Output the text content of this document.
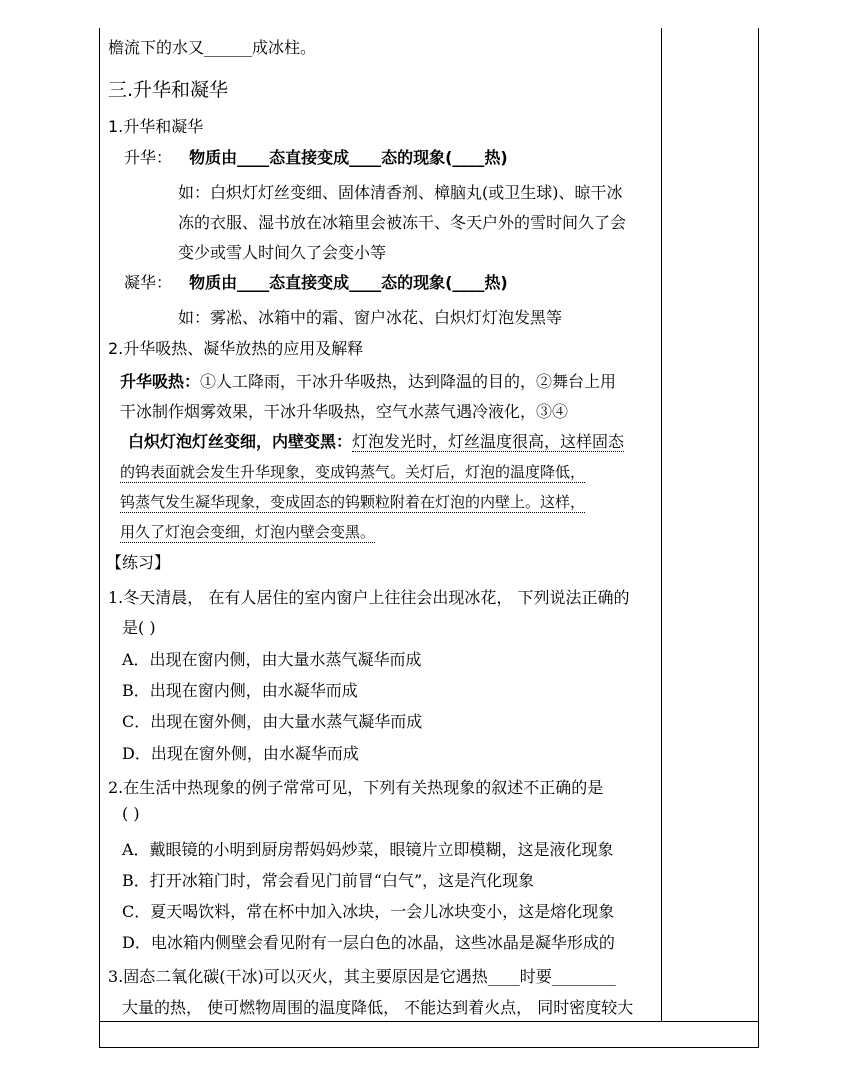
檐流下的水又______成冰柱。
三.升华和凝华
1.升华和凝华
升华： 物质由____态直接变成____态的现象(____热)
如：白炽灯灯丝变细、固体清香剂、樟脑丸(或卫生球)、晾干冰
冻的衣服、湿书放在冰箱里会被冻干、冬天户外的雪时间久了会
变少或雪人时间久了会变小等
凝华： 物质由____态直接变成____态的现象(____热)
如：雾凇、冰箱中的霜、窗户冰花、白炽灯灯泡发黑等
2.升华吸热、凝华放热的应用及解释
升华吸热：①人工降雨，干冰升华吸热，达到降温的目的，②舞台上用
干冰制作烟雾效果，干冰升华吸热，空气水蒸气遇冷液化，③④
白炽灯泡灯丝变细，内壁变黑：灯泡发光时，灯丝温度很高，这样固态
的钨表面就会发生升华现象，变成钨蒸气。关灯后，灯泡的温度降低，
钨蒸气发生凝华现象，变成固态的钨颗粒附着在灯泡的内壁上。这样，
用久了灯泡会变细，灯泡内壁会变黑。
【练习】
1.冬天清晨， 在有人居住的室内窗户上往往会出现冰花， 下列说法正确的
是( )
A．出现在窗内侧，由大量水蒸气凝华而成
B．出现在窗内侧，由水凝华而成
C．出现在窗外侧，由大量水蒸气凝华而成
D．出现在窗外侧，由水凝华而成
2.在生活中热现象的例子常常可见，下列有关热现象的叙述不正确的是
( )
A．戴眼镜的小明到厨房帮妈妈炒菜，眼镜片立即模糊，这是液化现象
B．打开冰箱门时，常会看见门前冒“白气”，这是汽化现象
C．夏天喝饮料，常在杯中加入冰块，一会儿冰块变小，这是熔化现象
D．电冰箱内侧壁会看见附有一层白色的冰晶，这些冰晶是凝华形成的
3.固态二氧化碳(干冰)可以灭火，其主要原因是它遇热____时要________
大量的热， 使可燃物周围的温度降低， 不能达到着火点， 同时密度较大
